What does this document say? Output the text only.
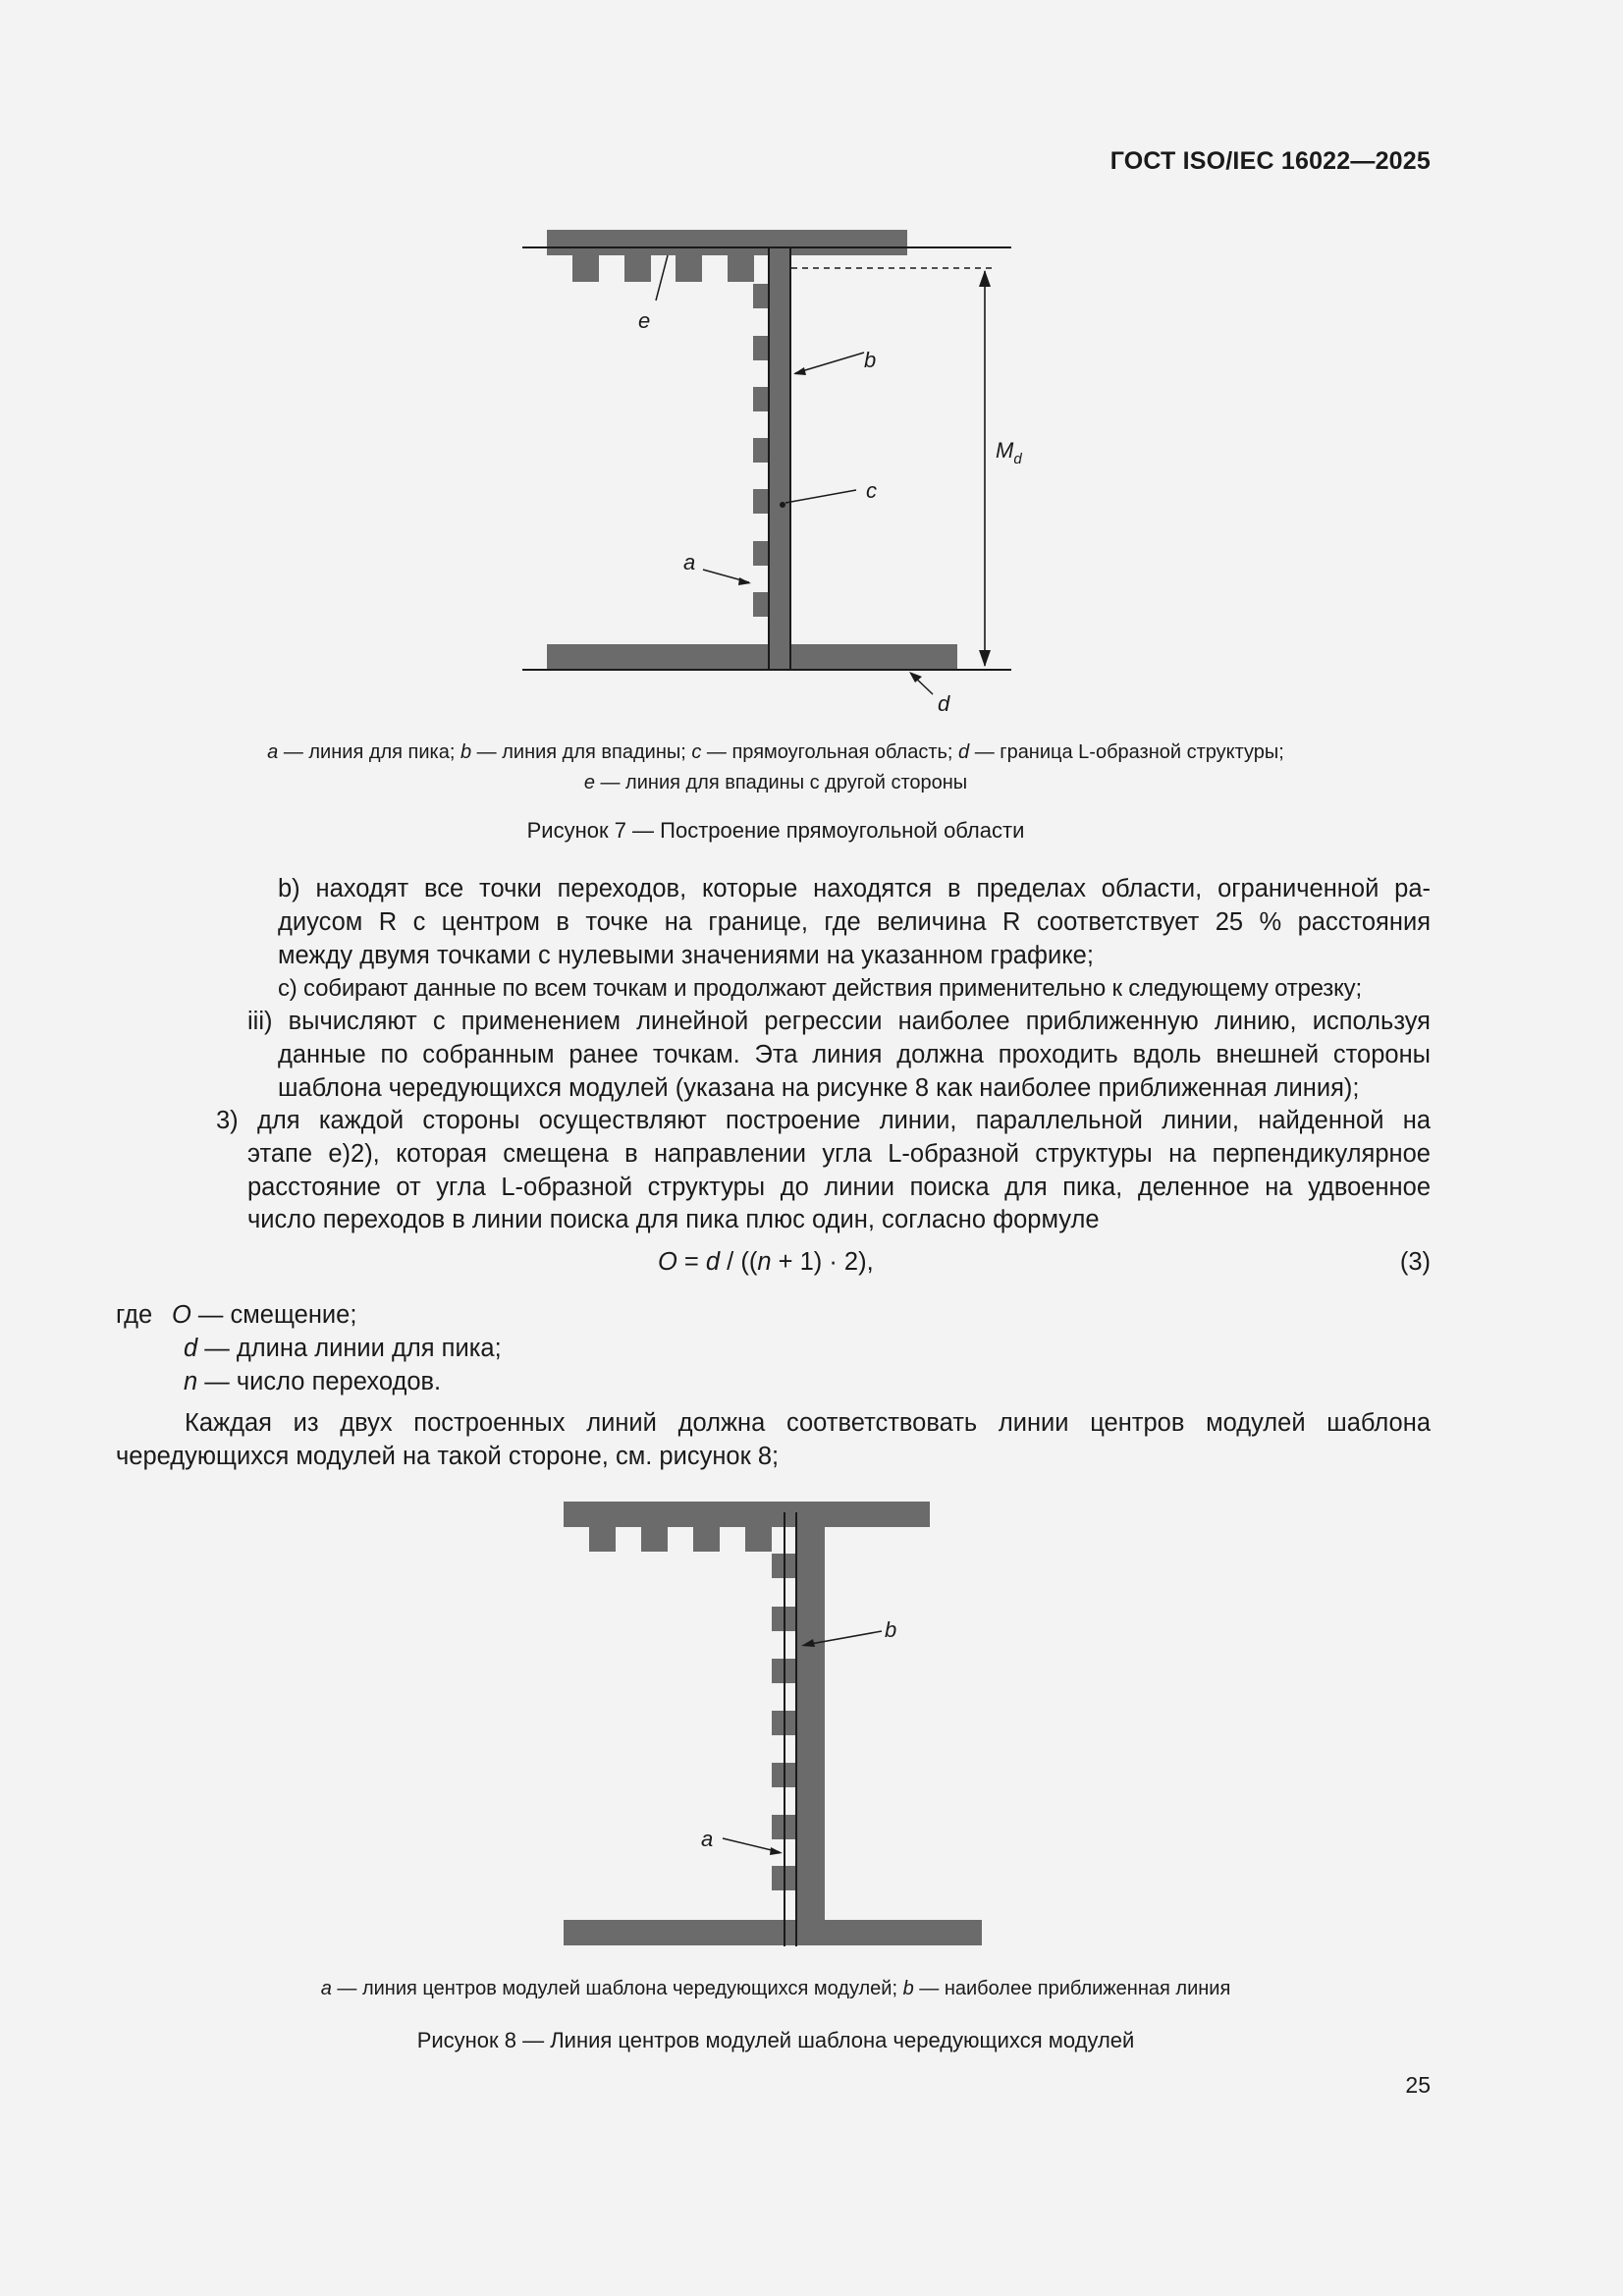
ГОСТ ISO/IEC 16022—2025
e
b
c
a
d
$M_d$
a — линия для пика; b — линия для впадины; c — прямоугольная область; d — граница L-образной структуры;
e — линия для впадины с другой стороны
Рисунок 7 — Построение прямоугольной области
b) находят все точки переходов, которые находятся в пределах области, ограниченной ра-
диусом R с центром в точке на границе, где величина R соответствует 25 % расстояния
между двумя точками с нулевыми значениями на указанном графике;
c) собирают данные по всем точкам и продолжают действия применительно к следующему отрезку;
iii) вычисляют с применением линейной регрессии наиболее приближенную линию, используя
данные по собранным ранее точкам. Эта линия должна проходить вдоль внешней стороны
шаблона чередующихся модулей (указана на рисунке 8 как наиболее приближенная линия);
3) для каждой стороны осуществляют построение линии, параллельной линии, найденной на
этапе e)2), которая смещена в направлении угла L-образной структуры на перпендикулярное
расстояние от угла L-образной структуры до линии поиска для пика, деленное на удвоенное
число переходов в линии поиска для пика плюс один, согласно формуле
O = d / ((n + 1) · 2),	(3)
где O — смещение;
d — длина линии для пика;
n — число переходов.
Каждая из двух построенных линий должна соответствовать линии центров модулей шаблона
чередующихся модулей на такой стороне, см. рисунок 8;
b
a
a — линия центров модулей шаблона чередующихся модулей; b — наиболее приближенная линия
Рисунок 8 — Линия центров модулей шаблона чередующихся модулей
25
